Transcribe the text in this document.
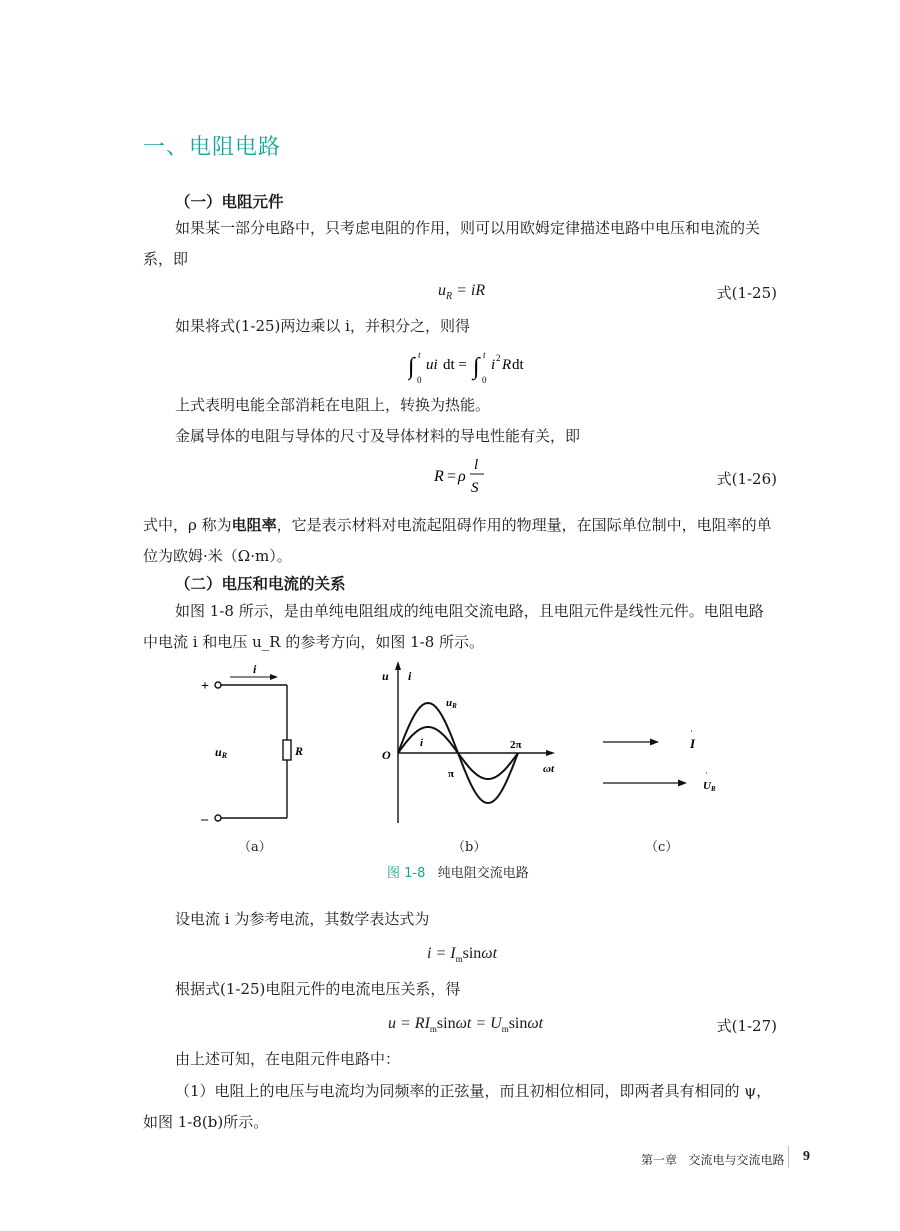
一、电阻电路
（一）电阻元件
如果某一部分电路中，只考虑电阻的作用，则可以用欧姆定律描述电路中电压和电流的关系，即
$u_R$ = iR	式(1-25)
如果将式(1-25)两边乘以 i，并积分之，则得
∫ t
0
ui dt = ∫ t
0
i 2 R dt
上式表明电能全部消耗在电阻上，转换为热能。
金属导体的电阻与导体的尺寸及导体材料的导电性能有关，即
R = ρ
l
S	式(1-26)
式中，ρ 称为电阻率，它是表示材料对电流起阻碍作用的物理量，在国际单位制中，电阻率的单位为欧姆·米（Ω·m）。
（二）电压和电流的关系
如图 1-8 所示，是由单纯电阻组成的纯电阻交流电路，且电阻元件是线性元件。电阻电路中电流 i 和电压 u_R 的参考方向，如图 1-8 所示。
+
–
i
uR	R
u i
uR
i
O
2π
π	ωt
·
I
·
UR
（a）	（b）	（c）
图 1-8 纯电阻交流电路
设电流 i 为参考电流，其数学表达式为
$i = I_m\sin\omega t$
根据式(1-25)电阻元件的电流电压关系，得
$u = RI_m\sin\omega t = U_m\sin\omega t$	式(1-27)
由上述可知，在电阻元件电路中：
（1）电阻上的电压与电流均为同频率的正弦量，而且初相位相同，即两者具有相同的 ψ，如图 1-8(b)所示。
第一章 交流电与交流电路 9
